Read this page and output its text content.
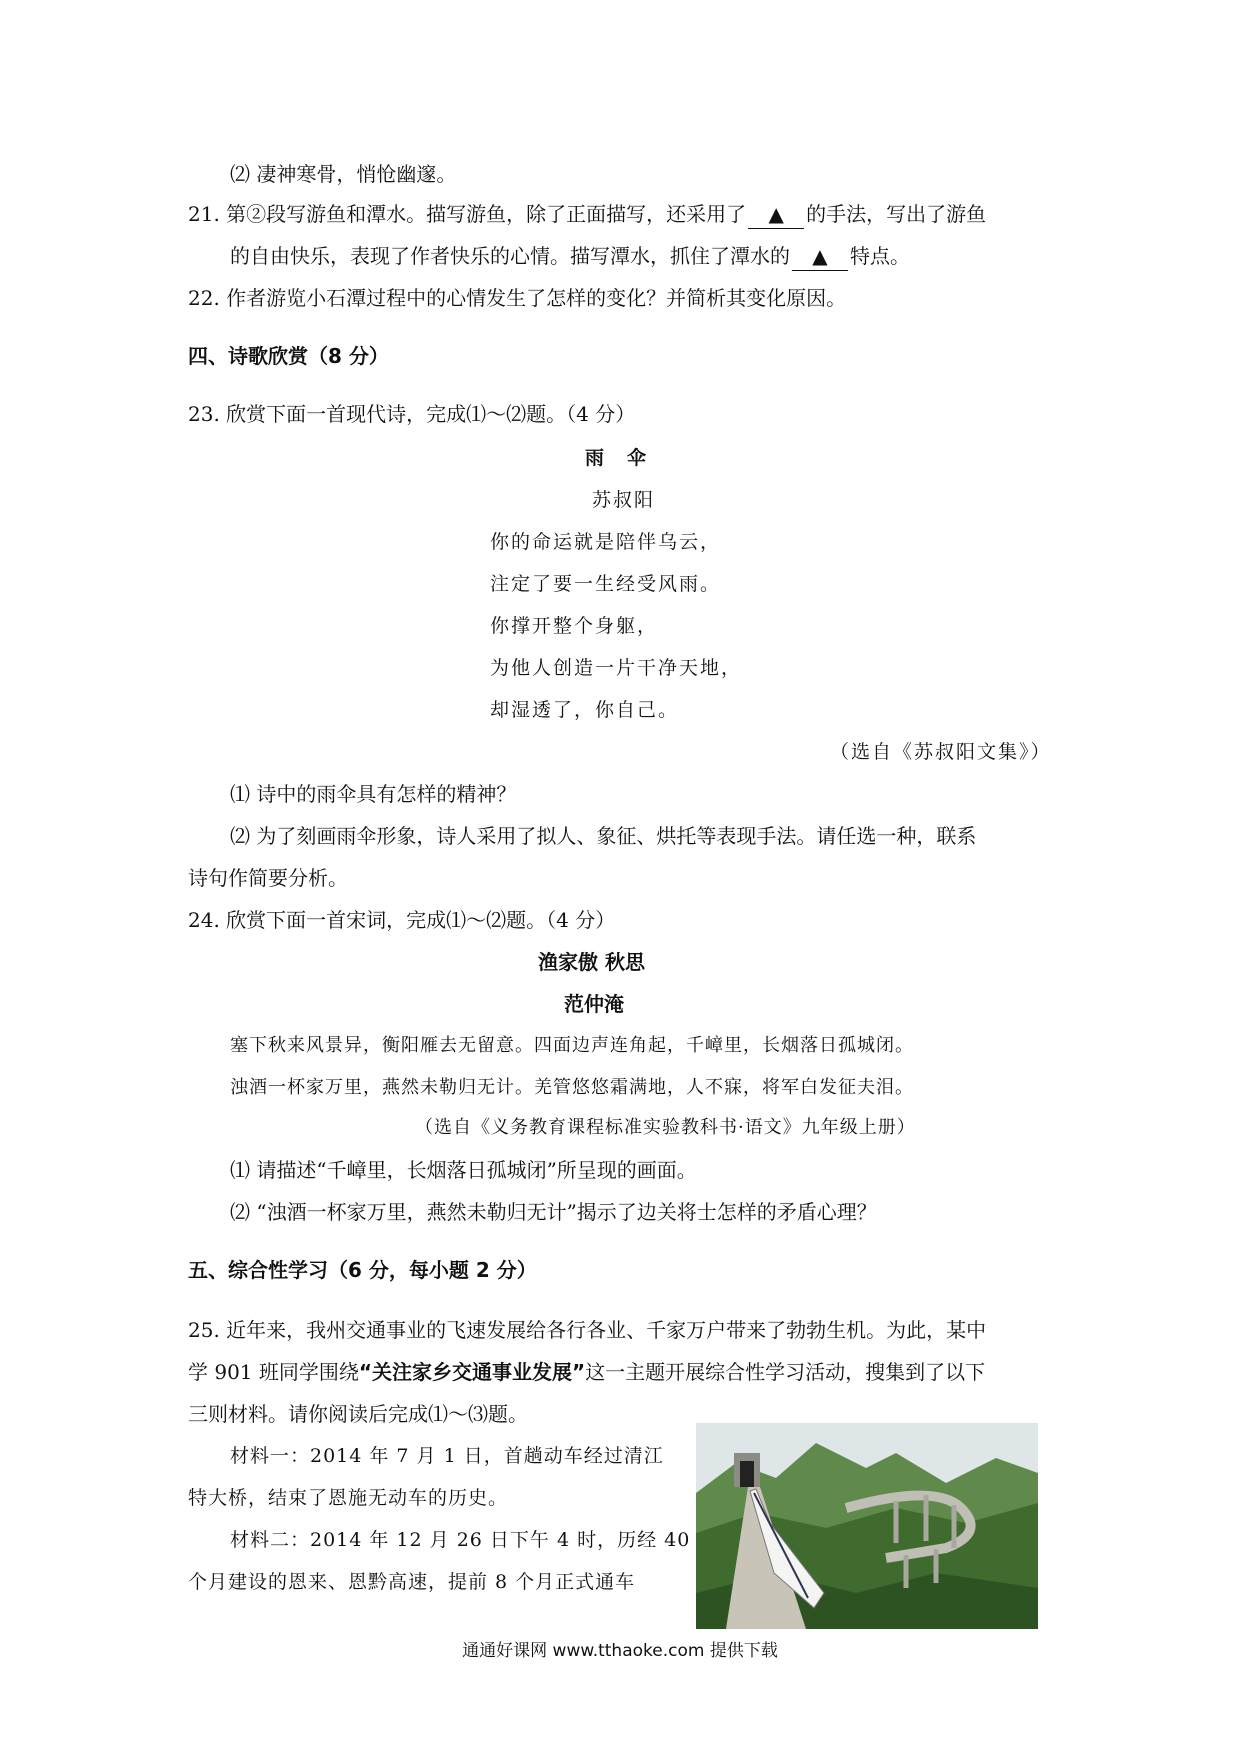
⑵ 凄神寒骨，悄怆幽邃。
21. 第②段写游鱼和潭水。描写游鱼，除了正面描写，还采用了 ▲ 的手法，写出了游鱼
的自由快乐，表现了作者快乐的心情。描写潭水，抓住了潭水的 ▲ 特点。
22. 作者游览小石潭过程中的心情发生了怎样的变化？并简析其变化原因。
四、诗歌欣赏（8 分）
23. 欣赏下面一首现代诗，完成⑴～⑵题。（4 分）
雨　伞
苏叔阳
你的命运就是陪伴乌云，
注定了要一生经受风雨。
你撑开整个身躯，
为他人创造一片干净天地，
却湿透了，你自己。
（选自《苏叔阳文集》）
⑴ 诗中的雨伞具有怎样的精神？
⑵ 为了刻画雨伞形象，诗人采用了拟人、象征、烘托等表现手法。请任选一种，联系
诗句作简要分析。
24. 欣赏下面一首宋词，完成⑴～⑵题。（4 分）
渔家傲 秋思
范仲淹
塞下秋来风景异，衡阳雁去无留意。四面边声连角起，千嶂里，长烟落日孤城闭。
浊酒一杯家万里，燕然未勒归无计。羌管悠悠霜满地，人不寐，将军白发征夫泪。
（选自《义务教育课程标准实验教科书·语文》九年级上册）
⑴ 请描述“千嶂里，长烟落日孤城闭”所呈现的画面。
⑵ “浊酒一杯家万里，燕然未勒归无计”揭示了边关将士怎样的矛盾心理？
五、综合性学习（6 分，每小题 2 分）
25. 近年来，我州交通事业的飞速发展给各行各业、千家万户带来了勃勃生机。为此，某中
学 901 班同学围绕“关注家乡交通事业发展”这一主题开展综合性学习活动，搜集到了以下
三则材料。请你阅读后完成⑴～⑶题。
材料一：2014 年 7 月 1 日，首趟动车经过清江
特大桥，结束了恩施无动车的历史。
材料二：2014 年 12 月 26 日下午 4 时，历经 40
个月建设的恩来、恩黔高速，提前 8 个月正式通车
通通好课网 www.tthaoke.com 提供下载
